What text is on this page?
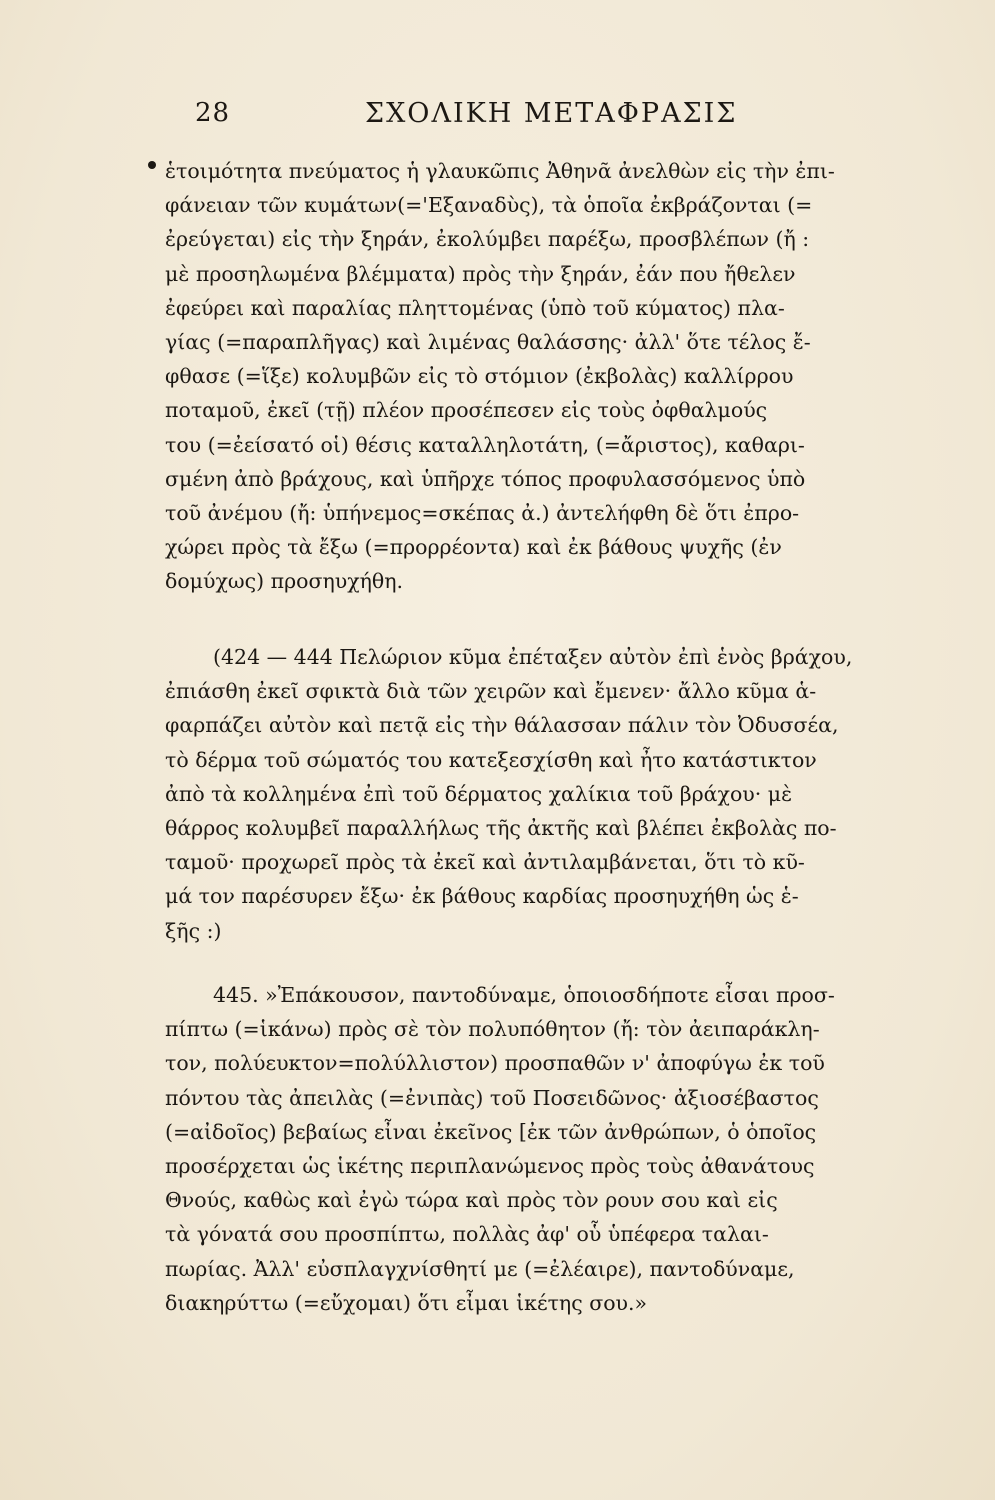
28	ΣΧΟΛΙΚΗ ΜΕΤΑΦΡΑΣΙΣ
ἑτοιμότητα πνεύματος ἡ γλαυκῶπις Ἀθηνᾶ ἀνελθὼν εἰς τὴν ἐπι-
φάνειαν τῶν κυμάτων(='Εξαναδὺς), τὰ ὁποῖα ἐκβράζονται (=
ἐρεύγεται) εἰς τὴν ξηράν, ἐκολύμβει παρέξω, προσβλέπων (ἤ :
μὲ προσηλωμένα βλέμματα) πρὸς τὴν ξηράν, ἐάν που ἤθελεν
ἐφεύρει καὶ παραλίας πληττομένας (ὑπὸ τοῦ κύματος) πλα-
γίας (=παραπλῆγας) καὶ λιμένας θαλάσσης· ἀλλ' ὅτε τέλος ἔ-
φθασε (=ἵξε) κολυμβῶν εἰς τὸ στόμιον (ἐκβολὰς) καλλίρρου
ποταμοῦ, ἐκεῖ (τῇ) πλέον προσέπεσεν εἰς τοὺς ὀφθαλμούς
του (=ἐείσατό οἱ) θέσις καταλληλοτάτη, (=ἄριστος), καθαρι-
σμένη ἀπὸ βράχους, καὶ ὑπῆρχε τόπος προφυλασσόμενος ὑπὸ
τοῦ ἀνέμου (ἤ: ὑπήνεμος=σκέπας ἀ.) ἀντελήφθη δὲ ὅτι ἐπρο-
χώρει πρὸς τὰ ἔξω (=προρρέοντα) καὶ ἐκ βάθους ψυχῆς (ἐν
δομύχως) προσηυχήθη.
(424 — 444 Πελώριον κῦμα ἐπέταξεν αὐτὸν ἐπὶ ἑνὸς βράχου,
ἐπιάσθη ἐκεῖ σφικτὰ διὰ τῶν χειρῶν καὶ ἔμενεν· ἄλλο κῦμα ἁ-
φαρπάζει αὐτὸν καὶ πετᾷ εἰς τὴν θάλασσαν πάλιν τὸν Ὀδυσσέα,
τὸ δέρμα τοῦ σώματός του κατεξεσχίσθη καὶ ἦτο κατάστικτον
ἀπὸ τὰ κολλημένα ἐπὶ τοῦ δέρματος χαλίκια τοῦ βράχου· μὲ
θάρρος κολυμβεῖ παραλλήλως τῆς ἀκτῆς καὶ βλέπει ἐκβολὰς πο-
ταμοῦ· προχωρεῖ πρὸς τὰ ἐκεῖ καὶ ἀντιλαμβάνεται, ὅτι τὸ κῦ-
μά τον παρέσυρεν ἔξω· ἐκ βάθους καρδίας προσηυχήθη ὡς ἑ-
ξῆς :)
445. »Ἐπάκουσον, παντοδύναμε, ὁποιοσδήποτε εἶσαι προσ-
πίπτω (=ἱκάνω) πρὸς σὲ τὸν πολυπόθητον (ἤ: τὸν ἀειπαράκλη-
τον, πολύευκτον=πολύλλιστον) προσπαθῶν ν' ἀποφύγω ἐκ τοῦ
πόντου τὰς ἀπειλὰς (=ἐνιπὰς) τοῦ Ποσειδῶνος· ἀξιοσέβαστος
(=αἰδοῖος) βεβαίως εἶναι ἐκεῖνος [ἐκ τῶν ἀνθρώπων, ὁ ὁποῖος
προσέρχεται ὡς ἱκέτης περιπλανώμενος πρὸς τοὺς ἀθανάτους
Θνούς, καθὼς καὶ ἐγὼ τώρα καὶ πρὸς τὸν ρουν σου καὶ εἰς
τὰ γόνατά σου προσπίπτω, πολλὰς ἀφ' οὗ ὑπέφερα ταλαι-
πωρίας. Ἀλλ' εὐσπλαγχνίσθητί με (=ἐλέαιρε), παντοδύναμε,
διακηρύττω (=εὔχομαι) ὅτι εἶμαι ἱκέτης σου.»
